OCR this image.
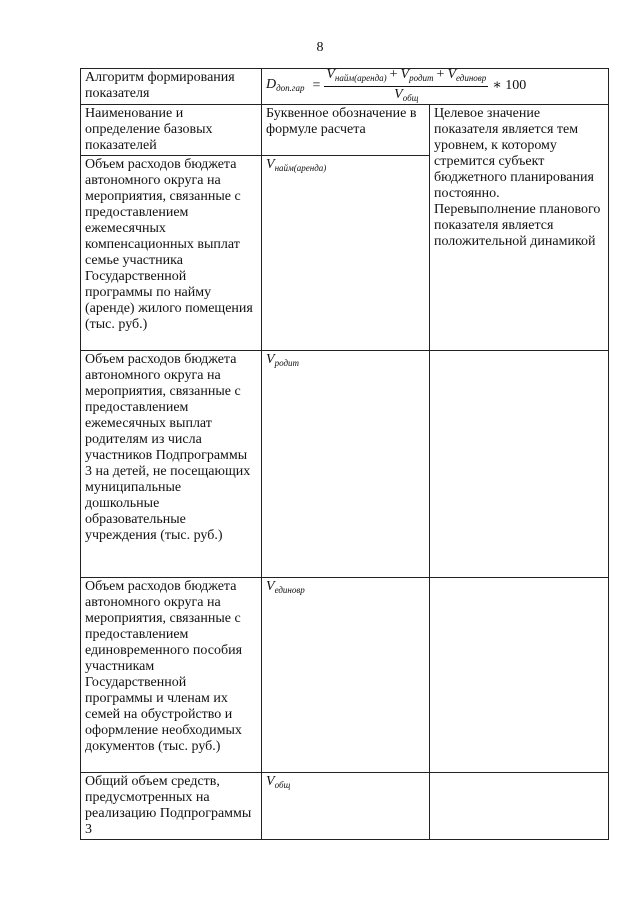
8
Алгоритм формирования показателя	$D_{доп.гар} = \frac{V_{найм(аренда)} + V_{родит} + V_{единовр}}{V_{общ}}$ ∗ 100	

Наименование и определение базовых показателей	Буквенное обозначение в формуле расчета	Целевое значение показателя является тем уровнем, к которому стремится субъект бюджетного планирования постоянно. Перевыполнение планового показателя является положительной динамикой
Объем расходов бюджета автономного округа на мероприятия, связанные с предоставлением ежемесячных компенсационных выплат семье участника Государственной программы по найму (аренде) жилого помещения (тыс. руб.)	$V_{найм(аренда)}$
Объем расходов бюджета автономного округа на мероприятия, связанные с предоставлением ежемесячных выплат родителям из числа участников Подпрограммы 3 на детей, не посещающих муниципальные дошкольные образовательные учреждения (тыс. руб.)	$V_{родит}$	
Объем расходов бюджета автономного округа на мероприятия, связанные с предоставлением единовременного пособия участникам Государственной программы и членам их семей на обустройство и оформление необходимых документов (тыс. руб.)	$V_{единовр}$	
Общий объем средств, предусмотренных на реализацию Подпрограммы 3	$V_{общ}$	
